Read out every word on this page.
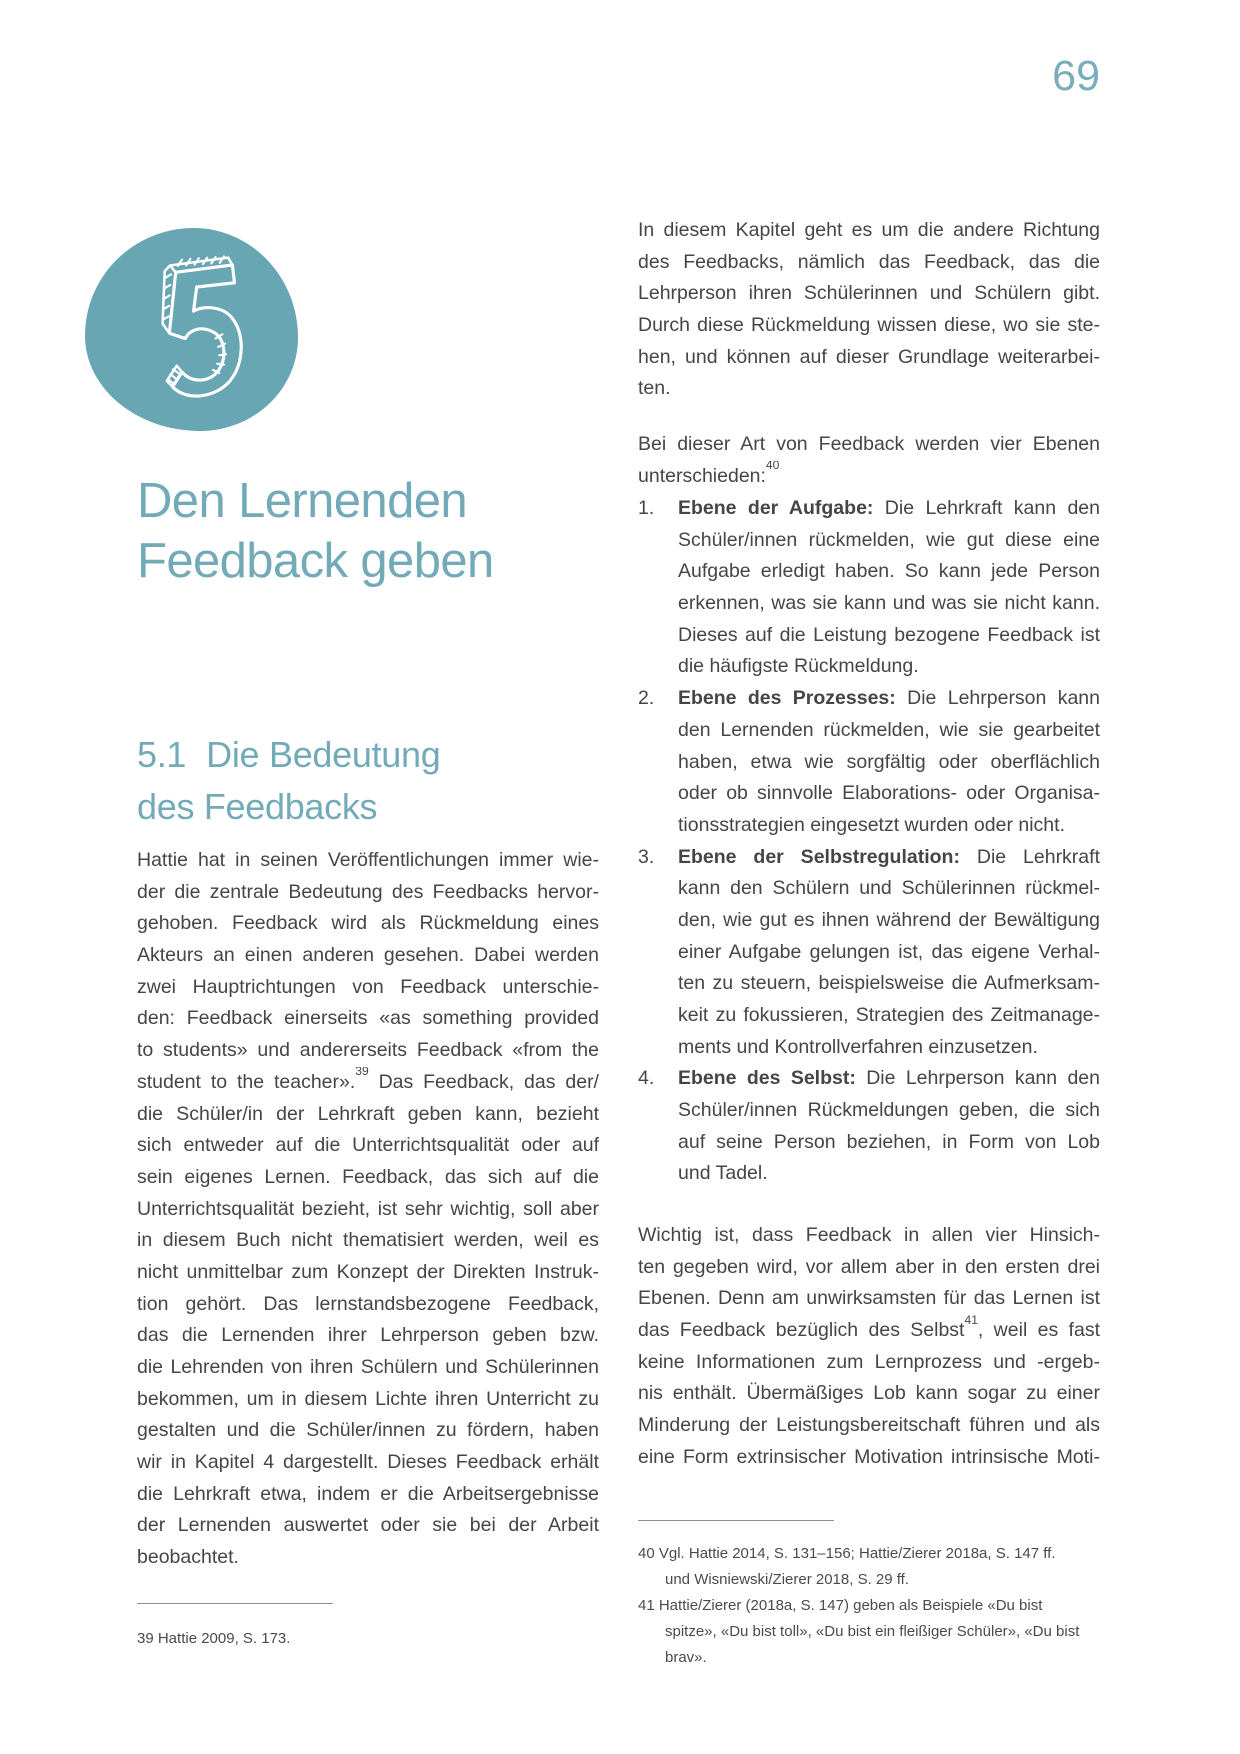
69
Den Lernenden
Feedback geben
5.1 Die Bedeutung
des Feedbacks
Hattie hat in seinen Veröffentlichungen immer wie-
der die zentrale Bedeutung des Feedbacks hervor-
gehoben. Feedback wird als Rückmeldung eines
Akteurs an einen anderen gesehen. Dabei werden
zwei Hauptrichtungen von Feedback unterschie-
den: Feedback einerseits «as something provided
to students» und andererseits Feedback «from the
student to the teacher».$^{39}$ Das Feedback, das der/
die Schüler/in der Lehrkraft geben kann, bezieht
sich entweder auf die Unterrichtsqualität oder auf
sein eigenes Lernen. Feedback, das sich auf die
Unterrichtsqualität bezieht, ist sehr wichtig, soll aber
in diesem Buch nicht thematisiert werden, weil es
nicht unmittelbar zum Konzept der Direkten Instruk-
tion gehört. Das lernstandsbezogene Feedback,
das die Lernenden ihrer Lehrperson geben bzw.
die Lehrenden von ihren Schülern und Schülerinnen
bekommen, um in diesem Lichte ihren Unterricht zu
gestalten und die Schüler/innen zu fördern, haben
wir in Kapitel 4 dargestellt. Dieses Feedback erhält
die Lehrkraft etwa, indem er die Arbeitsergebnisse
der Lernenden auswertet oder sie bei der Arbeit
beobachtet.
39 Hattie 2009, S. 173.
In diesem Kapitel geht es um die andere Richtung
des Feedbacks, nämlich das Feedback, das die
Lehrperson ihren Schülerinnen und Schülern gibt.
Durch diese Rückmeldung wissen diese, wo sie ste-
hen, und können auf dieser Grundlage weiterarbei-
ten.
Bei dieser Art von Feedback werden vier Ebenen
unterschieden:$^{40}$
1. Ebene der Aufgabe: Die Lehrkraft kann den
Schüler/innen rückmelden, wie gut diese eine
Aufgabe erledigt haben. So kann jede Person
erkennen, was sie kann und was sie nicht kann.
Dieses auf die Leistung bezogene Feedback ist
die häufigste Rückmeldung.
2. Ebene des Prozesses: Die Lehrperson kann
den Lernenden rückmelden, wie sie gearbeitet
haben, etwa wie sorgfältig oder oberflächlich
oder ob sinnvolle Elaborations- oder Organisa-
tionsstrategien eingesetzt wurden oder nicht.
3. Ebene der Selbstregulation: Die Lehrkraft
kann den Schülern und Schülerinnen rückmel-
den, wie gut es ihnen während der Bewältigung
einer Aufgabe gelungen ist, das eigene Verhal-
ten zu steuern, beispielsweise die Aufmerksam-
keit zu fokussieren, Strategien des Zeitmanage-
ments und Kontrollverfahren einzusetzen.
4. Ebene des Selbst: Die Lehrperson kann den
Schüler/innen Rückmeldungen geben, die sich
auf seine Person beziehen, in Form von Lob
und Tadel.
Wichtig ist, dass Feedback in allen vier Hinsich-
ten gegeben wird, vor allem aber in den ersten drei
Ebenen. Denn am unwirksamsten für das Lernen ist
das Feedback bezüglich des Selbst$^{41}$, weil es fast
keine Informationen zum Lernprozess und -ergeb-
nis enthält. Übermäßiges Lob kann sogar zu einer
Minderung der Leistungsbereitschaft führen und als
eine Form extrinsischer Motivation intrinsische Moti-
40 Vgl. Hattie 2014, S. 131–156; Hattie/Zierer 2018a, S. 147 ff.
und Wisniewski/Zierer 2018, S. 29 ff.
41 Hattie/Zierer (2018a, S. 147) geben als Beispiele «Du bist
spitze», «Du bist toll», «Du bist ein fleißiger Schüler», «Du bist
brav».
